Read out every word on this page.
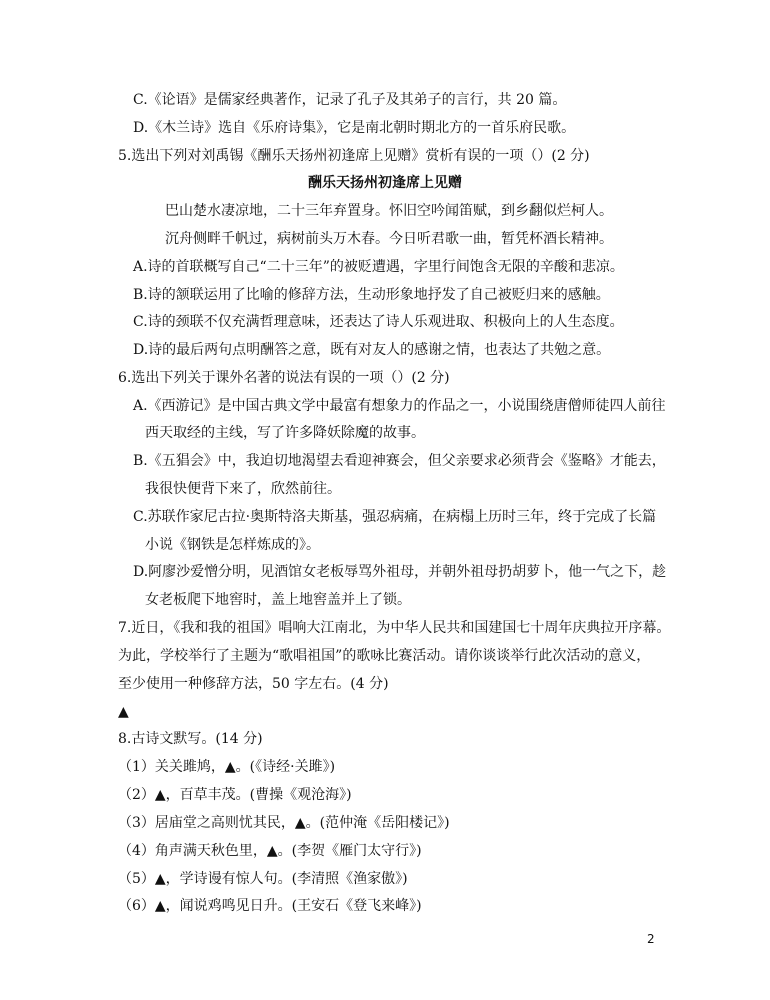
C.《论语》是儒家经典著作，记录了孔子及其弟子的言行，共 20 篇。
D.《木兰诗》选自《乐府诗集》，它是南北朝时期北方的一首乐府民歌。
5.选出下列对刘禹锡《酬乐天扬州初逢席上见赠》赏析有误的一项（）(2 分)
酬乐天扬州初逢席上见赠
巴山楚水凄凉地，二十三年弃置身。怀旧空吟闻笛赋，到乡翻似烂柯人。
沉舟侧畔千帆过，病树前头万木春。今日听君歌一曲，暂凭杯酒长精神。
A.诗的首联概写自己“二十三年”的被贬遭遇，字里行间饱含无限的辛酸和悲凉。
B.诗的颔联运用了比喻的修辞方法，生动形象地抒发了自己被贬归来的感触。
C.诗的颈联不仅充满哲理意味，还表达了诗人乐观进取、积极向上的人生态度。
D.诗的最后两句点明酬答之意，既有对友人的感谢之情，也表达了共勉之意。
6.选出下列关于课外名著的说法有误的一项（）(2 分)
A.《西游记》是中国古典文学中最富有想象力的作品之一，小说围绕唐僧师徒四人前往
西天取经的主线，写了许多降妖除魔的故事。
B.《五猖会》中，我迫切地渴望去看迎神赛会，但父亲要求必须背会《鉴略》才能去，
我很快便背下来了，欣然前往。
C.苏联作家尼古拉·奥斯特洛夫斯基，强忍病痛，在病榻上历时三年，终于完成了长篇
小说《钢铁是怎样炼成的》。
D.阿廖沙爱憎分明，见酒馆女老板辱骂外祖母，并朝外祖母扔胡萝卜，他一气之下，趁
女老板爬下地窖时，盖上地窖盖并上了锁。
7.近日，《我和我的祖国》唱响大江南北，为中华人民共和国建国七十周年庆典拉开序幕。
为此，学校举行了主题为“歌唱祖国”的歌咏比赛活动。请你谈谈举行此次活动的意义，
至少使用一种修辞方法，50 字左右。(4 分)
▲
8.古诗文默写。(14 分)
（1）关关雎鸠，▲。(《诗经·关雎》)
（2）▲，百草丰茂。(曹操《观沧海》)
（3）居庙堂之高则忧其民，▲。(范仲淹《岳阳楼记》)
（4）角声满天秋色里，▲。(李贺《雁门太守行》)
（5）▲，学诗谩有惊人句。(李清照《渔家傲》)
（6）▲，闻说鸡鸣见日升。(王安石《登飞来峰》)
2
